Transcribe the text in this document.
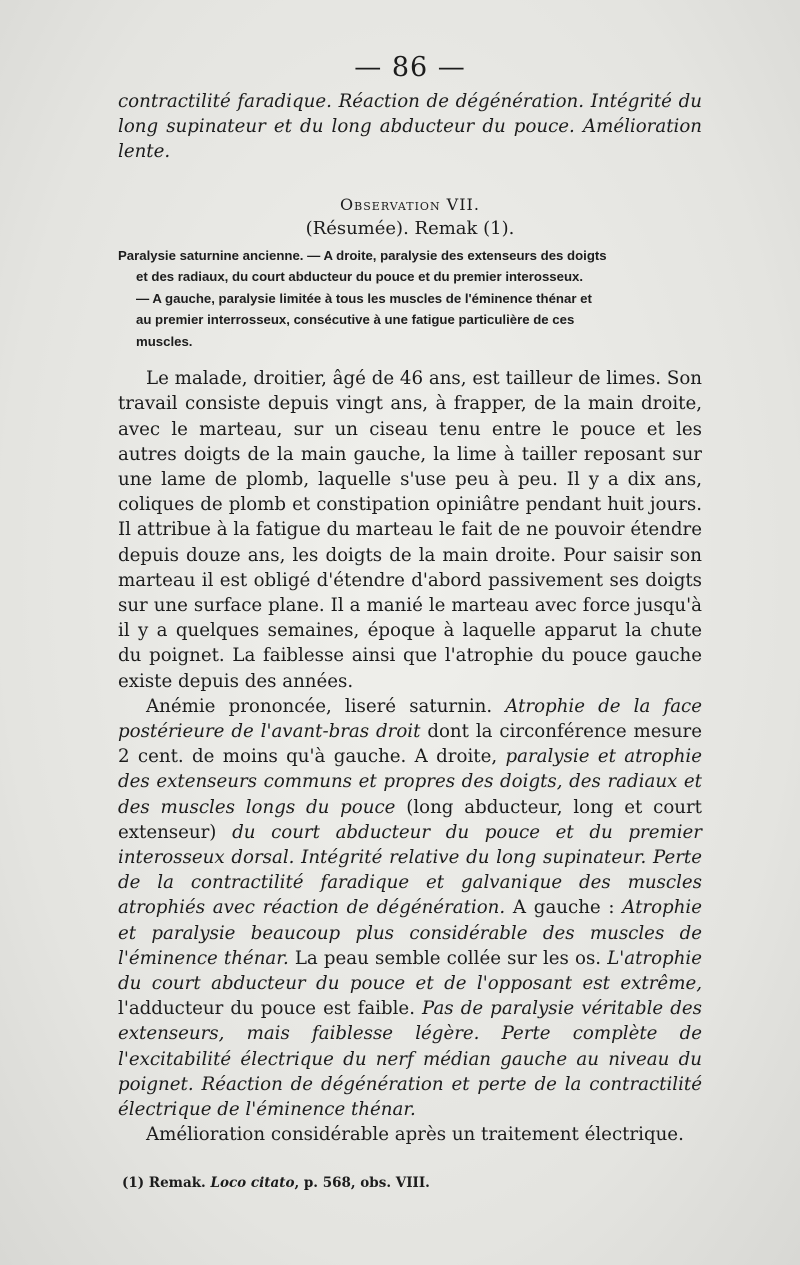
— 86 —

contractilité faradique. Réaction de dégénération. Intégrité du long supinateur et du long abducteur du pouce. Amélioration lente.

Observation VII.
(Résumée). Remak (1).
Paralysie saturnine ancienne. — A droite, paralysie des extenseurs des doigts
et des radiaux, du court abducteur du pouce et du premier interosseux.
— A gauche, paralysie limitée à tous les muscles de l'éminence thénar et
au premier interrosseux, consécutive à une fatigue particulière de ces
muscles.

Le malade, droitier, âgé de 46 ans, est tailleur de limes. Son travail consiste depuis vingt ans, à frapper, de la main droite, avec le marteau, sur un ciseau tenu entre le pouce et les autres doigts de la main gauche, la lime à tailler reposant sur une lame de plomb, laquelle s'use peu à peu. Il y a dix ans, coliques de plomb et constipation opiniâtre pendant huit jours. Il attribue à la fatigue du marteau le fait de ne pouvoir étendre depuis douze ans, les doigts de la main droite. Pour saisir son marteau il est obligé d'étendre d'abord passivement ses doigts sur une surface plane. Il a manié le marteau avec force jusqu'à il y a quelques semaines, époque à laquelle apparut la chute du poignet. La faiblesse ainsi que l'atrophie du pouce gauche existe depuis des années.

Anémie prononcée, liseré saturnin. Atrophie de la face postérieure de l'avant-bras droit dont la circonférence mesure 2 cent. de moins qu'à gauche. A droite, paralysie et atrophie des extenseurs communs et propres des doigts, des radiaux et des muscles longs du pouce (long abducteur, long et court extenseur) du court abducteur du pouce et du premier interosseux dorsal. Intégrité relative du long supinateur. Perte de la contractilité faradique et galvanique des muscles atrophiés avec réaction de dégénération. A gauche : Atrophie et paralysie beaucoup plus considérable des muscles de l'éminence thénar. La peau semble collée sur les os. L'atrophie du court abducteur du pouce et de l'opposant est extrême, l'adducteur du pouce est faible. Pas de paralysie véritable des extenseurs, mais faiblesse légère. Perte complète de l'excitabilité électrique du nerf médian gauche au niveau du poignet. Réaction de dégénération et perte de la contractilité électrique de l'éminence thénar.

Amélioration considérable après un traitement électrique.

(1) Remak. Loco citato, p. 568, obs. VIII.
